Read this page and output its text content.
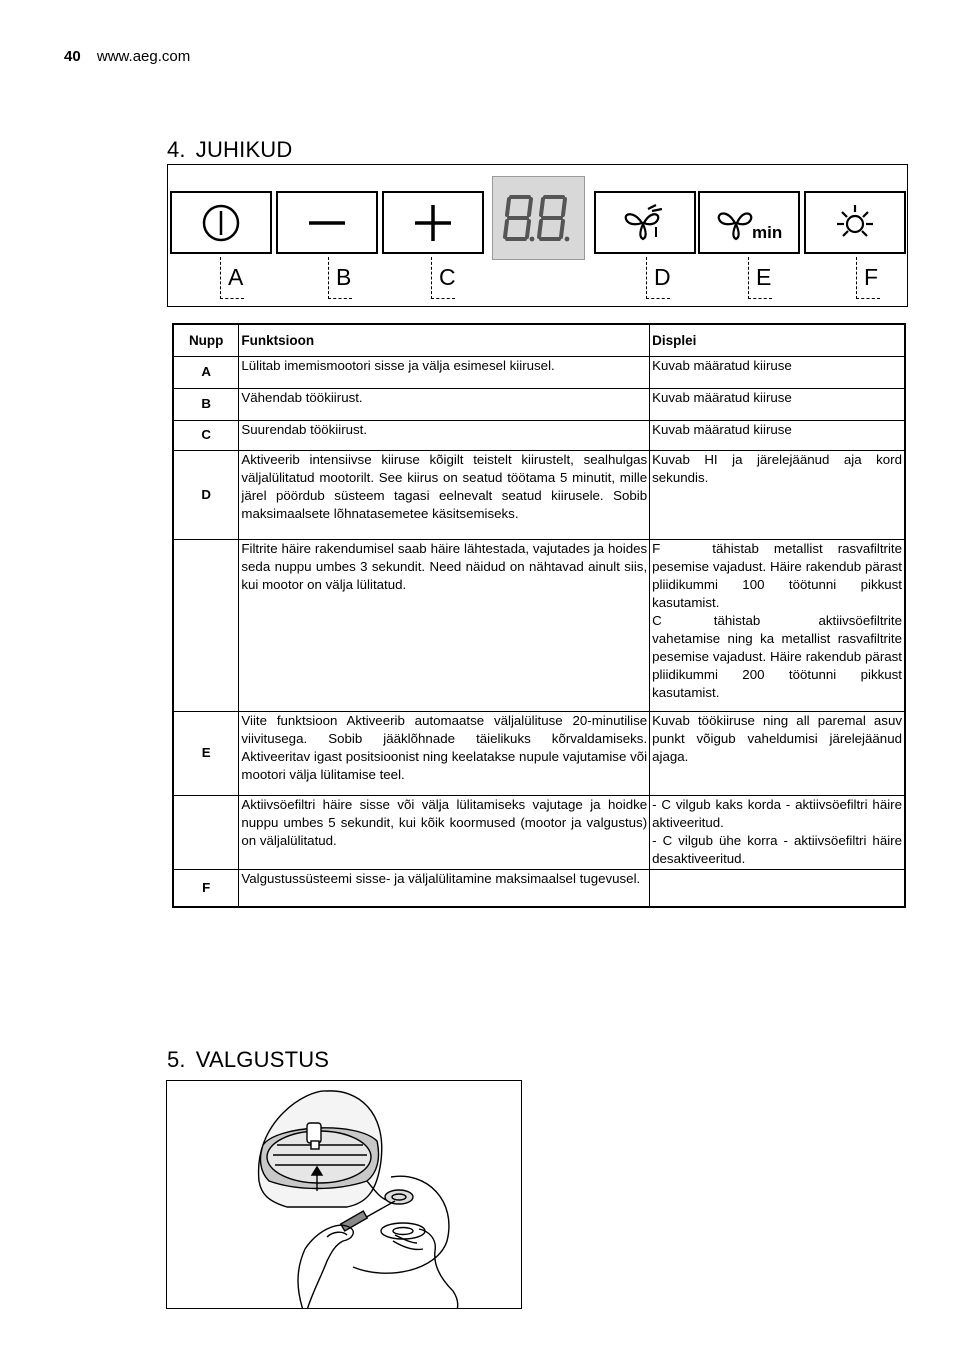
40 www.aeg.com
4. JUHIKUD
min
A	B	C	D	E	F
Nupp	Funktsioon	Displei
A	Lülitab imemismootori sisse ja välja esimesel kiirusel.	Kuvab määratud kiiruse
B	Vähendab töökiirust.	Kuvab määratud kiiruse
C	Suurendab töökiirust.	Kuvab määratud kiiruse
D	Aktiveerib intensiivse kiiruse kõigilt teistelt kiirustelt, sealhulgas väljalülitatud mootorilt. See kiirus on seatud töötama 5 minutit, mille järel pöördub süsteem tagasi eelnevalt seatud kiirusele. Sobib maksimaalsete lõhnatasemetee käsitsemiseks.	Kuvab HI ja järelejäänud aja kord sekundis.
	Filtrite häire rakendumisel saab häire lähtestada, vajutades ja hoides seda nuppu umbes 3 sekundit. Need näidud on nähtavad ainult siis, kui mootor on välja lülitatud.	F tähistab metallist rasvafiltrite pesemise vajadust. Häire rakendub pärast pliidikummi 100 töötunni pikkust kasutamist.
C tähistab aktiivsöefiltrite vahetamise ning ka metallist rasvafiltrite pesemise vajadust. Häire rakendub pärast pliidikummi 200 töötunni pikkust kasutamist.
E	Viite funktsioon Aktiveerib automaatse väljalülituse 20-minutilise viivitusega. Sobib jääklõhnade täielikuks kõrvaldamiseks. Aktiveeritav igast positsioonist ning keelatakse nupule vajutamise või mootori välja lülitamise teel.	Kuvab töökiiruse ning all paremal asuv punkt võigub vaheldumisi järelejäänud ajaga.
	Aktiivsöefiltri häire sisse või välja lülitamiseks vajutage ja hoidke nuppu umbes 5 sekundit, kui kõik koormused (mootor ja valgustus) on väljalülitatud.	- C vilgub kaks korda - aktiivsöefiltri häire aktiveeritud.
- C vilgub ühe korra - aktiivsöefiltri häire desaktiveeritud.
F	Valgustussüsteemi sisse- ja väljalülitamine maksimaalsel tugevusel.	
5. VALGUSTUS
